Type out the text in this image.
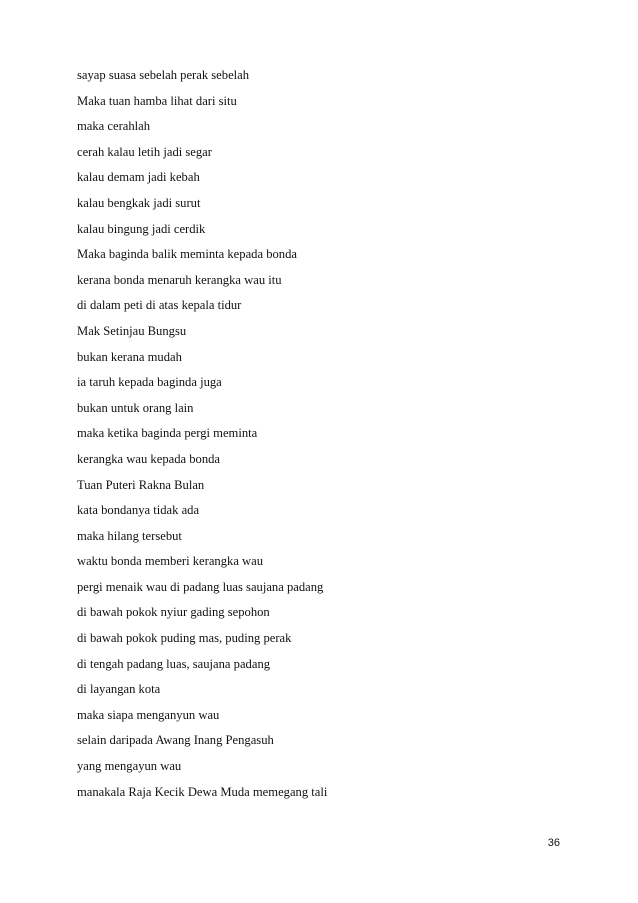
sayap suasa sebelah perak sebelah
Maka tuan hamba lihat dari situ
maka cerahlah
cerah kalau letih jadi segar
kalau demam jadi kebah
kalau bengkak jadi surut
kalau bingung jadi cerdik
Maka baginda balik meminta kepada bonda
kerana bonda menaruh kerangka wau itu
di dalam peti di atas kepala tidur
Mak Setinjau Bungsu
bukan kerana mudah
ia taruh kepada baginda juga
bukan untuk orang lain
maka ketika baginda pergi meminta
kerangka wau kepada bonda
Tuan Puteri Rakna Bulan
kata bondanya tidak ada
maka hilang tersebut
waktu bonda memberi kerangka wau
pergi menaik wau di padang luas saujana padang
di bawah pokok nyiur gading sepohon
di bawah pokok puding mas, puding perak
di tengah padang luas, saujana padang
di layangan kota
maka siapa menganyun wau
selain daripada Awang Inang Pengasuh
yang mengayun wau
manakala Raja Kecik Dewa Muda memegang tali
36
